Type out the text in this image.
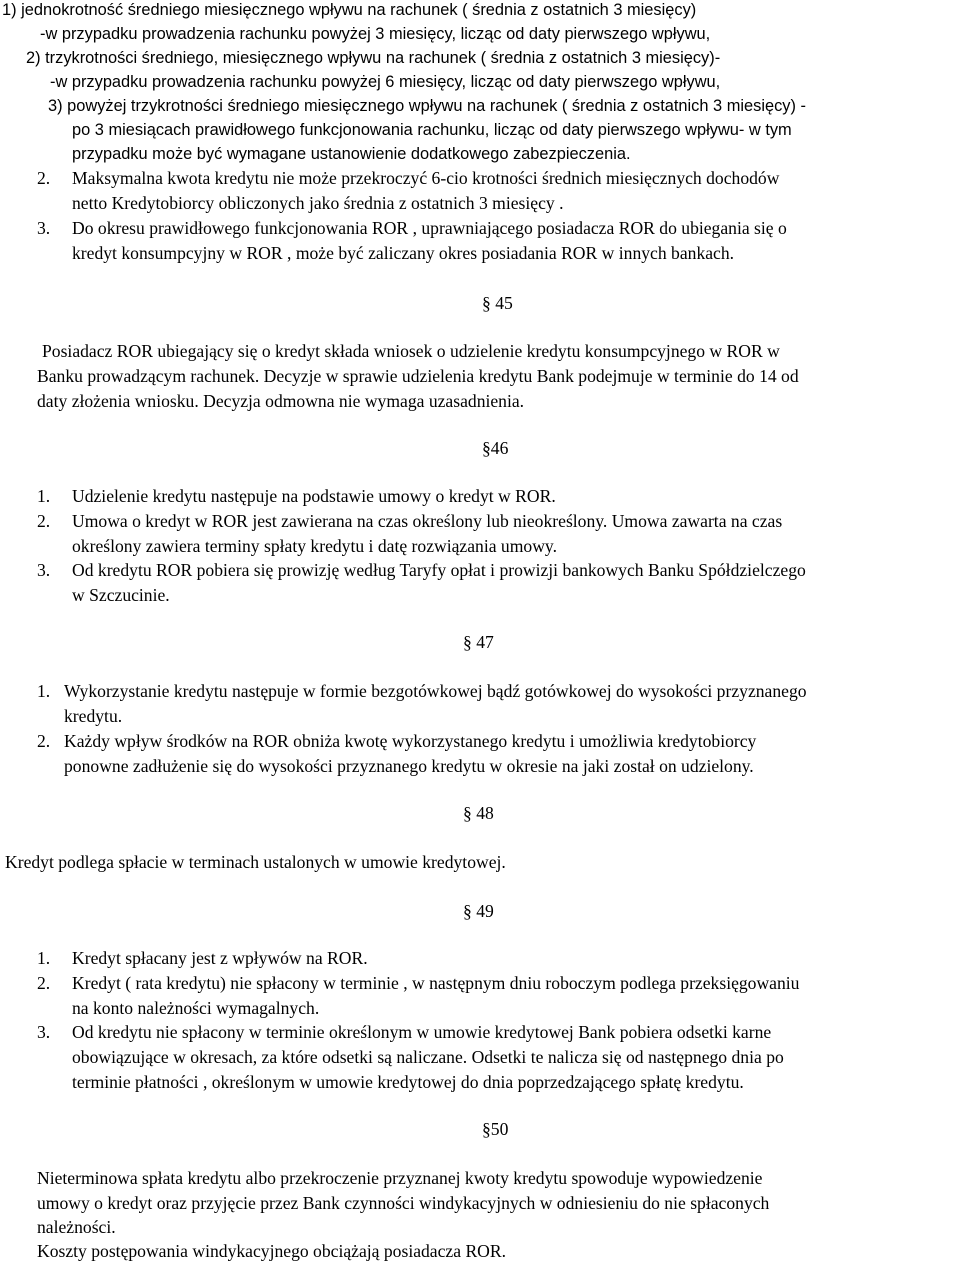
1) jednokrotność średniego miesięcznego wpływu na rachunek ( średnia z ostatnich 3 miesięcy)
-w przypadku prowadzenia rachunku powyżej 3 miesięcy, licząc od daty pierwszego wpływu,
2) trzykrotności średniego, miesięcznego wpływu na rachunek ( średnia z ostatnich 3 miesięcy)-
-w przypadku prowadzenia rachunku powyżej 6 miesięcy, licząc od daty pierwszego wpływu,
3) powyżej trzykrotności średniego miesięcznego wpływu na rachunek ( średnia z ostatnich 3 miesięcy) -
po 3 miesiącach prawidłowego funkcjonowania rachunku, licząc od daty pierwszego wpływu- w tym
przypadku może być wymagane ustanowienie dodatkowego zabezpieczenia.
2. Maksymalna kwota kredytu nie może przekroczyć 6-cio krotności średnich miesięcznych dochodów
netto Kredytobiorcy obliczonych jako średnia z ostatnich 3 miesięcy .
3. Do okresu prawidłowego funkcjonowania ROR , uprawniającego posiadacza ROR do ubiegania się o
kredyt konsumpcyjny w ROR , może być zaliczany okres posiadania ROR w innych bankach.
§ 45
Posiadacz ROR ubiegający się o kredyt składa wniosek o udzielenie kredytu konsumpcyjnego w ROR w
Banku prowadzącym rachunek. Decyzje w sprawie udzielenia kredytu Bank podejmuje w terminie do 14 od
daty złożenia wniosku. Decyzja odmowna nie wymaga uzasadnienia.
§46
1. Udzielenie kredytu następuje na podstawie umowy o kredyt w ROR.
2. Umowa o kredyt w ROR jest zawierana na czas określony lub nieokreślony. Umowa zawarta na czas
określony zawiera terminy spłaty kredytu i datę rozwiązania umowy.
3. Od kredytu ROR pobiera się prowizję według Taryfy opłat i prowizji bankowych Banku Spółdzielczego
w Szczucinie.
§ 47
1. Wykorzystanie kredytu następuje w formie bezgotówkowej bądź gotówkowej do wysokości przyznanego
kredytu.
2. Każdy wpływ środków na ROR obniża kwotę wykorzystanego kredytu i umożliwia kredytobiorcy
ponowne zadłużenie się do wysokości przyznanego kredytu w okresie na jaki został on udzielony.
§ 48
Kredyt podlega spłacie w terminach ustalonych w umowie kredytowej.
§ 49
1. Kredyt spłacany jest z wpływów na ROR.
2. Kredyt ( rata kredytu) nie spłacony w terminie , w następnym dniu roboczym podlega przeksięgowaniu
na konto należności wymagalnych.
3. Od kredytu nie spłacony w terminie określonym w umowie kredytowej Bank pobiera odsetki karne
obowiązujące w okresach, za które odsetki są naliczane. Odsetki te nalicza się od następnego dnia po
terminie płatności , określonym w umowie kredytowej do dnia poprzedzającego spłatę kredytu.
§50
Nieterminowa spłata kredytu albo przekroczenie przyznanej kwoty kredytu spowoduje wypowiedzenie
umowy o kredyt oraz przyjęcie przez Bank czynności windykacyjnych w odniesieniu do nie spłaconych
należności.
Koszty postępowania windykacyjnego obciążają posiadacza ROR.
